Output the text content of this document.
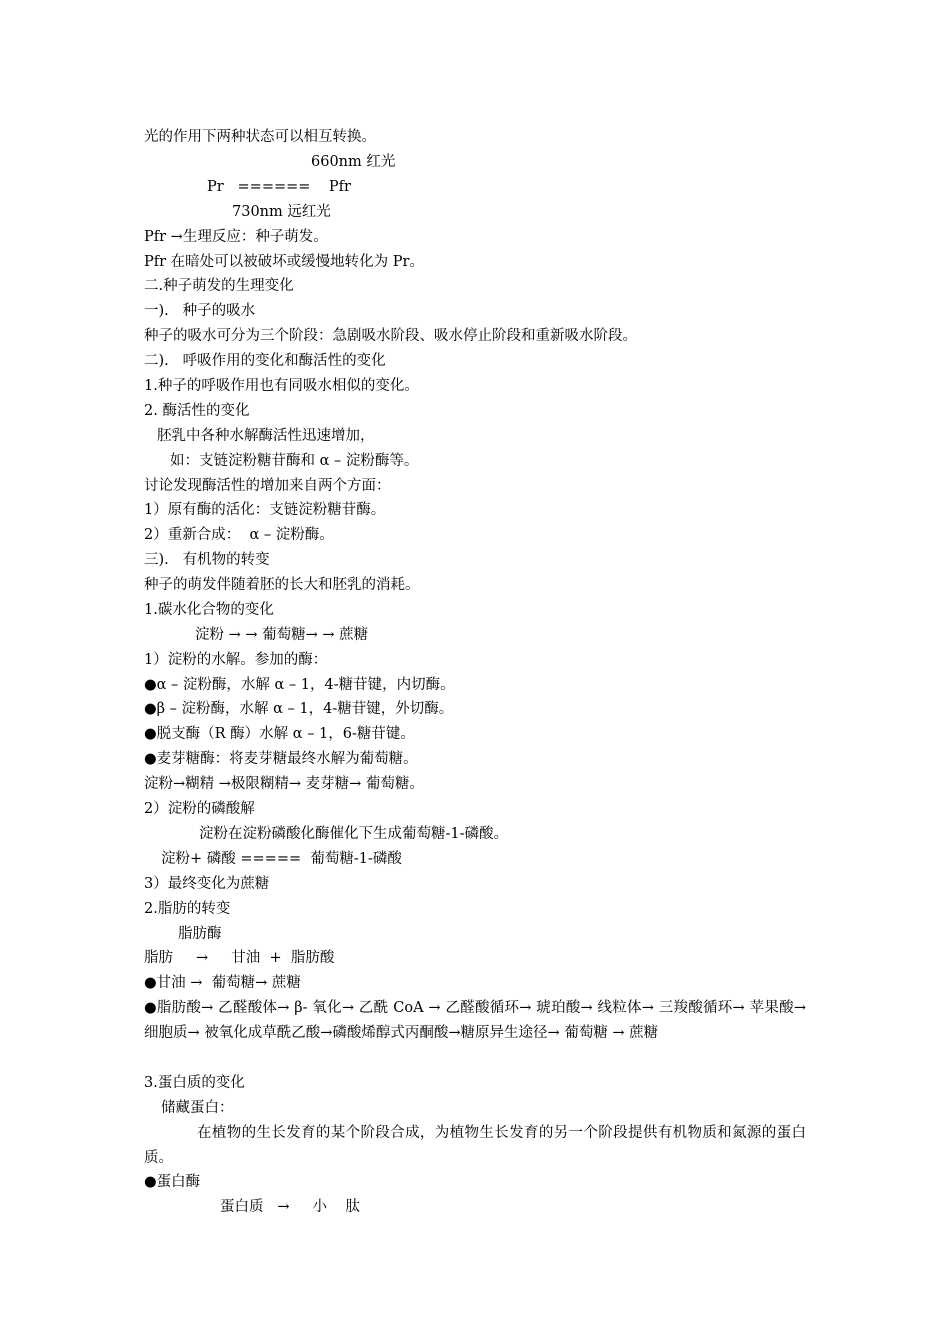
光的作用下两种状态可以相互转换。
660nm 红光
Pr   ======    Pfr
730nm 远红光
Pfr →生理反应：种子萌发。
Pfr 在暗处可以被破坏或缓慢地转化为 Pr。
二.种子萌发的生理变化
一).   种子的吸水
种子的吸水可分为三个阶段：急剧吸水阶段、吸水停止阶段和重新吸水阶段。
二).   呼吸作用的变化和酶活性的变化
1.种子的呼吸作用也有同吸水相似的变化。
2. 酶活性的变化
胚乳中各种水解酶活性迅速增加，
如：支链淀粉糖苷酶和 α – 淀粉酶等。
讨论发现酶活性的增加来自两个方面：
1）原有酶的活化：支链淀粉糖苷酶。
2）重新合成：  α – 淀粉酶。
三).   有机物的转变
种子的萌发伴随着胚的长大和胚乳的消耗。
1.碳水化合物的变化
淀粉 → → 葡萄糖→ → 蔗糖
1）淀粉的水解。参加的酶：
●α – 淀粉酶，水解 α – 1，4-糖苷键，内切酶。
●β – 淀粉酶，水解 α – 1，4-糖苷键，外切酶。
●脱支酶（R 酶）水解 α – 1，6-糖苷键。
●麦芽糖酶：将麦芽糖最终水解为葡萄糖。
淀粉→糊精 →极限糊精→ 麦芽糖→ 葡萄糖。
2）淀粉的磷酸解
淀粉在淀粉磷酸化酶催化下生成葡萄糖-1-磷酸。
淀粉+ 磷酸 =====  葡萄糖-1-磷酸
3）最终变化为蔗糖
2.脂肪的转变
脂肪酶
脂肪     →     甘油  +  脂肪酸
●甘油 →  葡萄糖→ 蔗糖
●脂肪酸→ 乙醛酸体→ β- 氧化→ 乙酰 CoA → 乙醛酸循环→ 琥珀酸→ 线粒体→ 三羧酸循环→ 苹果酸→ 细胞质→ 被氧化成草酰乙酸→磷酸烯醇式丙酮酸→糖原异生途径→ 葡萄糖 → 蔗糖
3.蛋白质的变化
储藏蛋白：
在植物的生长发育的某个阶段合成，为植物生长发育的另一个阶段提供有机物质和氮源的蛋白质。
●蛋白酶
蛋白质   →     小    肽
